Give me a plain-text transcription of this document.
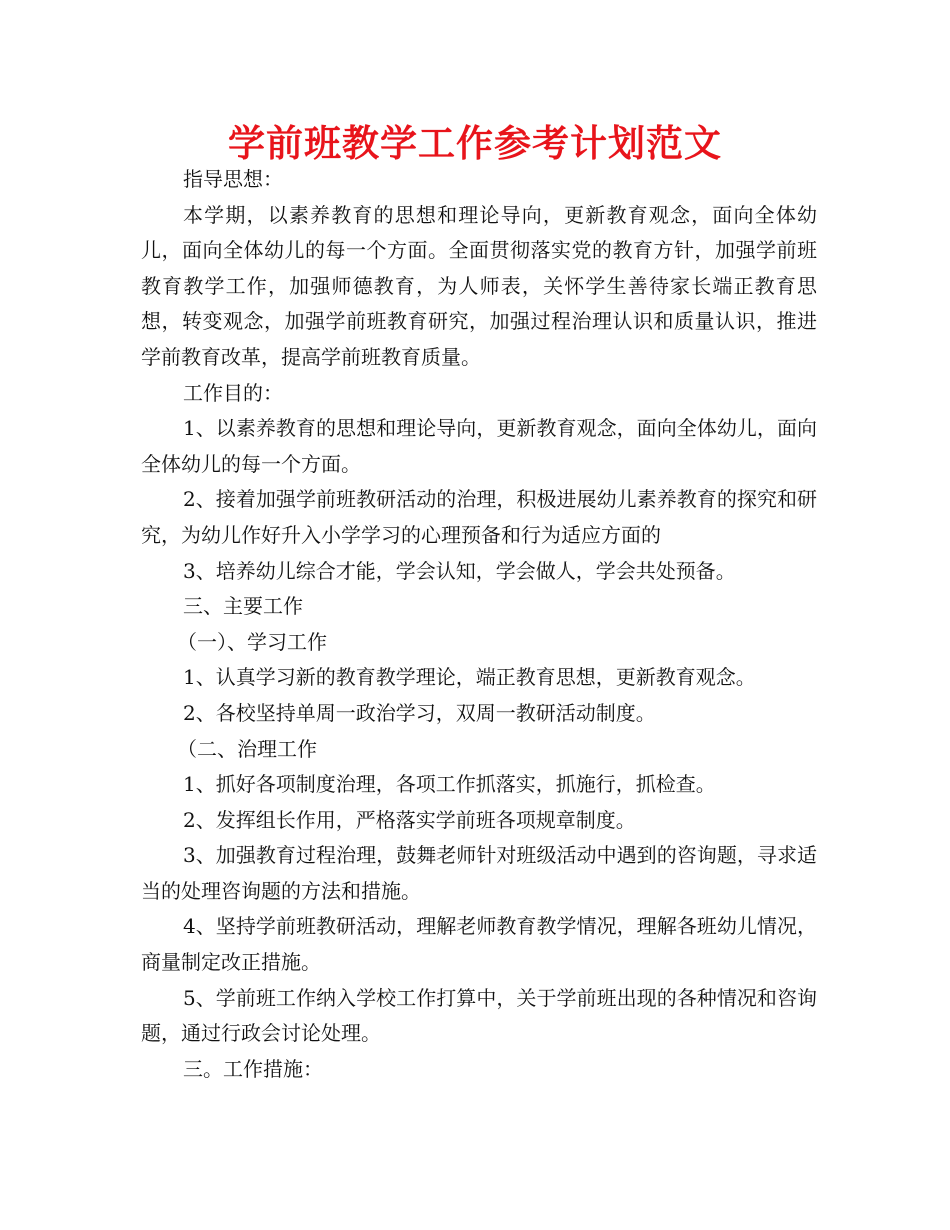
学前班教学工作参考计划范文

指导思想：

本学期，以素养教育的思想和理论导向，更新教育观念，面向全体幼儿，面向全体幼儿的每一个方面。全面贯彻落实党的教育方针，加强学前班教育教学工作，加强师德教育，为人师表，关怀学生善待家长端正教育思想，转变观念，加强学前班教育研究，加强过程治理认识和质量认识，推进学前教育改革，提高学前班教育质量。

工作目的：

1、以素养教育的思想和理论导向，更新教育观念，面向全体幼儿，面向全体幼儿的每一个方面。

2、接着加强学前班教研活动的治理，积极进展幼儿素养教育的探究和研究，为幼儿作好升入小学学习的心理预备和行为适应方面的

3、培养幼儿综合才能，学会认知，学会做人，学会共处预备。

三、主要工作

（一）、学习工作

1、认真学习新的教育教学理论，端正教育思想，更新教育观念。

2、各校坚持单周一政治学习，双周一教研活动制度。

（二、治理工作

1、抓好各项制度治理，各项工作抓落实，抓施行，抓检查。

2、发挥组长作用，严格落实学前班各项规章制度。

3、加强教育过程治理，鼓舞老师针对班级活动中遇到的咨询题，寻求适当的处理咨询题的方法和措施。

4、坚持学前班教研活动，理解老师教育教学情况，理解各班幼儿情况，商量制定改正措施。

5、学前班工作纳入学校工作打算中，关于学前班出现的各种情况和咨询题，通过行政会讨论处理。

三。工作措施：
